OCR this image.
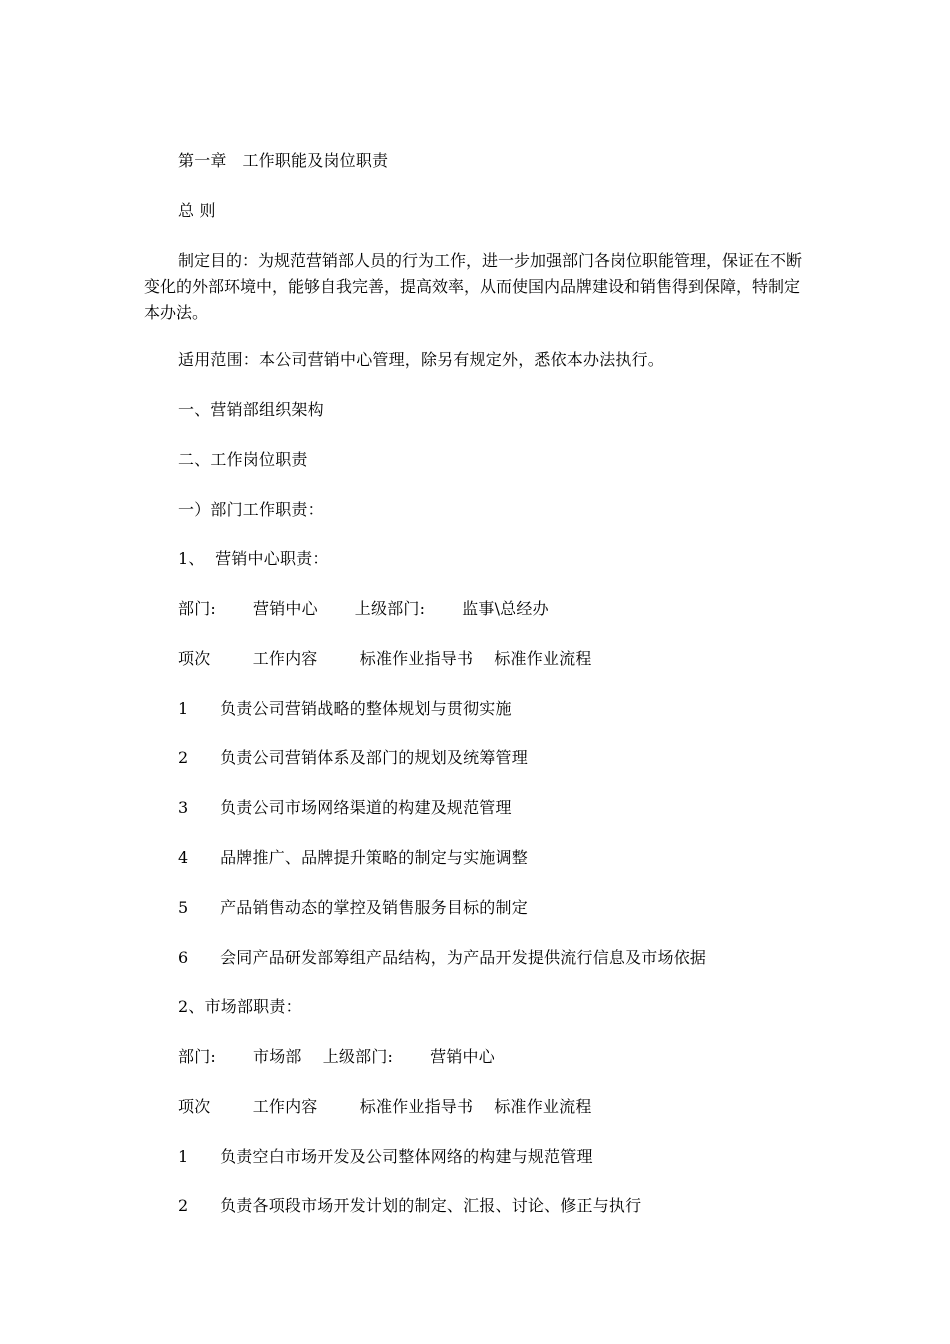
第一章   工作职能及岗位职责
总 则
制定目的：为规范营销部人员的行为工作，进一步加强部门各岗位职能管理，保证在不断变化的外部环境中，能够自我完善，提高效率，从而使国内品牌建设和销售得到保障，特制定本办法。
适用范围：本公司营销中心管理，除另有规定外，悉依本办法执行。
一、营销部组织架构
二、工作岗位职责
一）部门工作职责：
1、  营销中心职责：
部门:       营销中心       上级部门:       监事\总经办
项次        工作内容        标准作业指导书    标准作业流程
1      负责公司营销战略的整体规划与贯彻实施
2      负责公司营销体系及部门的规划及统筹管理
3      负责公司市场网络渠道的构建及规范管理
4      品牌推广、品牌提升策略的制定与实施调整
5      产品销售动态的掌控及销售服务目标的制定
6      会同产品研发部筹组产品结构，为产品开发提供流行信息及市场依据
2、市场部职责：
部门:       市场部    上级部门:       营销中心
项次        工作内容        标准作业指导书    标准作业流程
1      负责空白市场开发及公司整体网络的构建与规范管理
2      负责各项段市场开发计划的制定、汇报、讨论、修正与执行
